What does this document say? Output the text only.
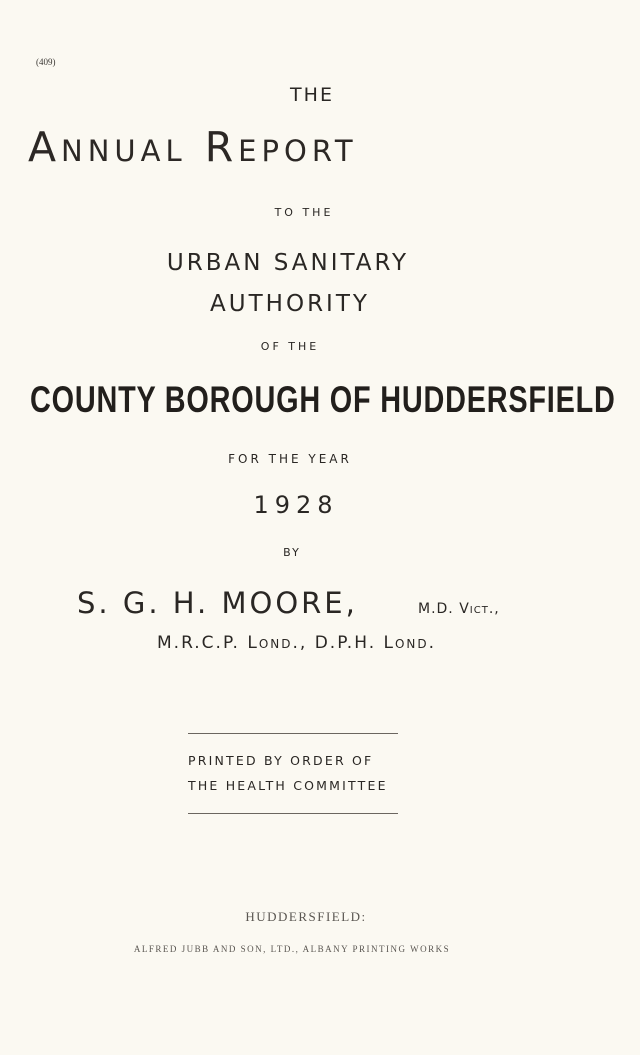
(409)
THE
Annual Report
TO THE
URBAN SANITARY
AUTHORITY
OF THE
COUNTY BOROUGH OF HUDDERSFIELD
FOR THE YEAR
1928
BY
S. G. H. MOORE,	M.D. Vict.,
M.R.C.P. Lond., D.P.H. Lond.
PRINTED BY ORDER OF
THE HEALTH COMMITTEE
HUDDERSFIELD:
ALFRED JUBB AND SON, LTD., ALBANY PRINTING WORKS
